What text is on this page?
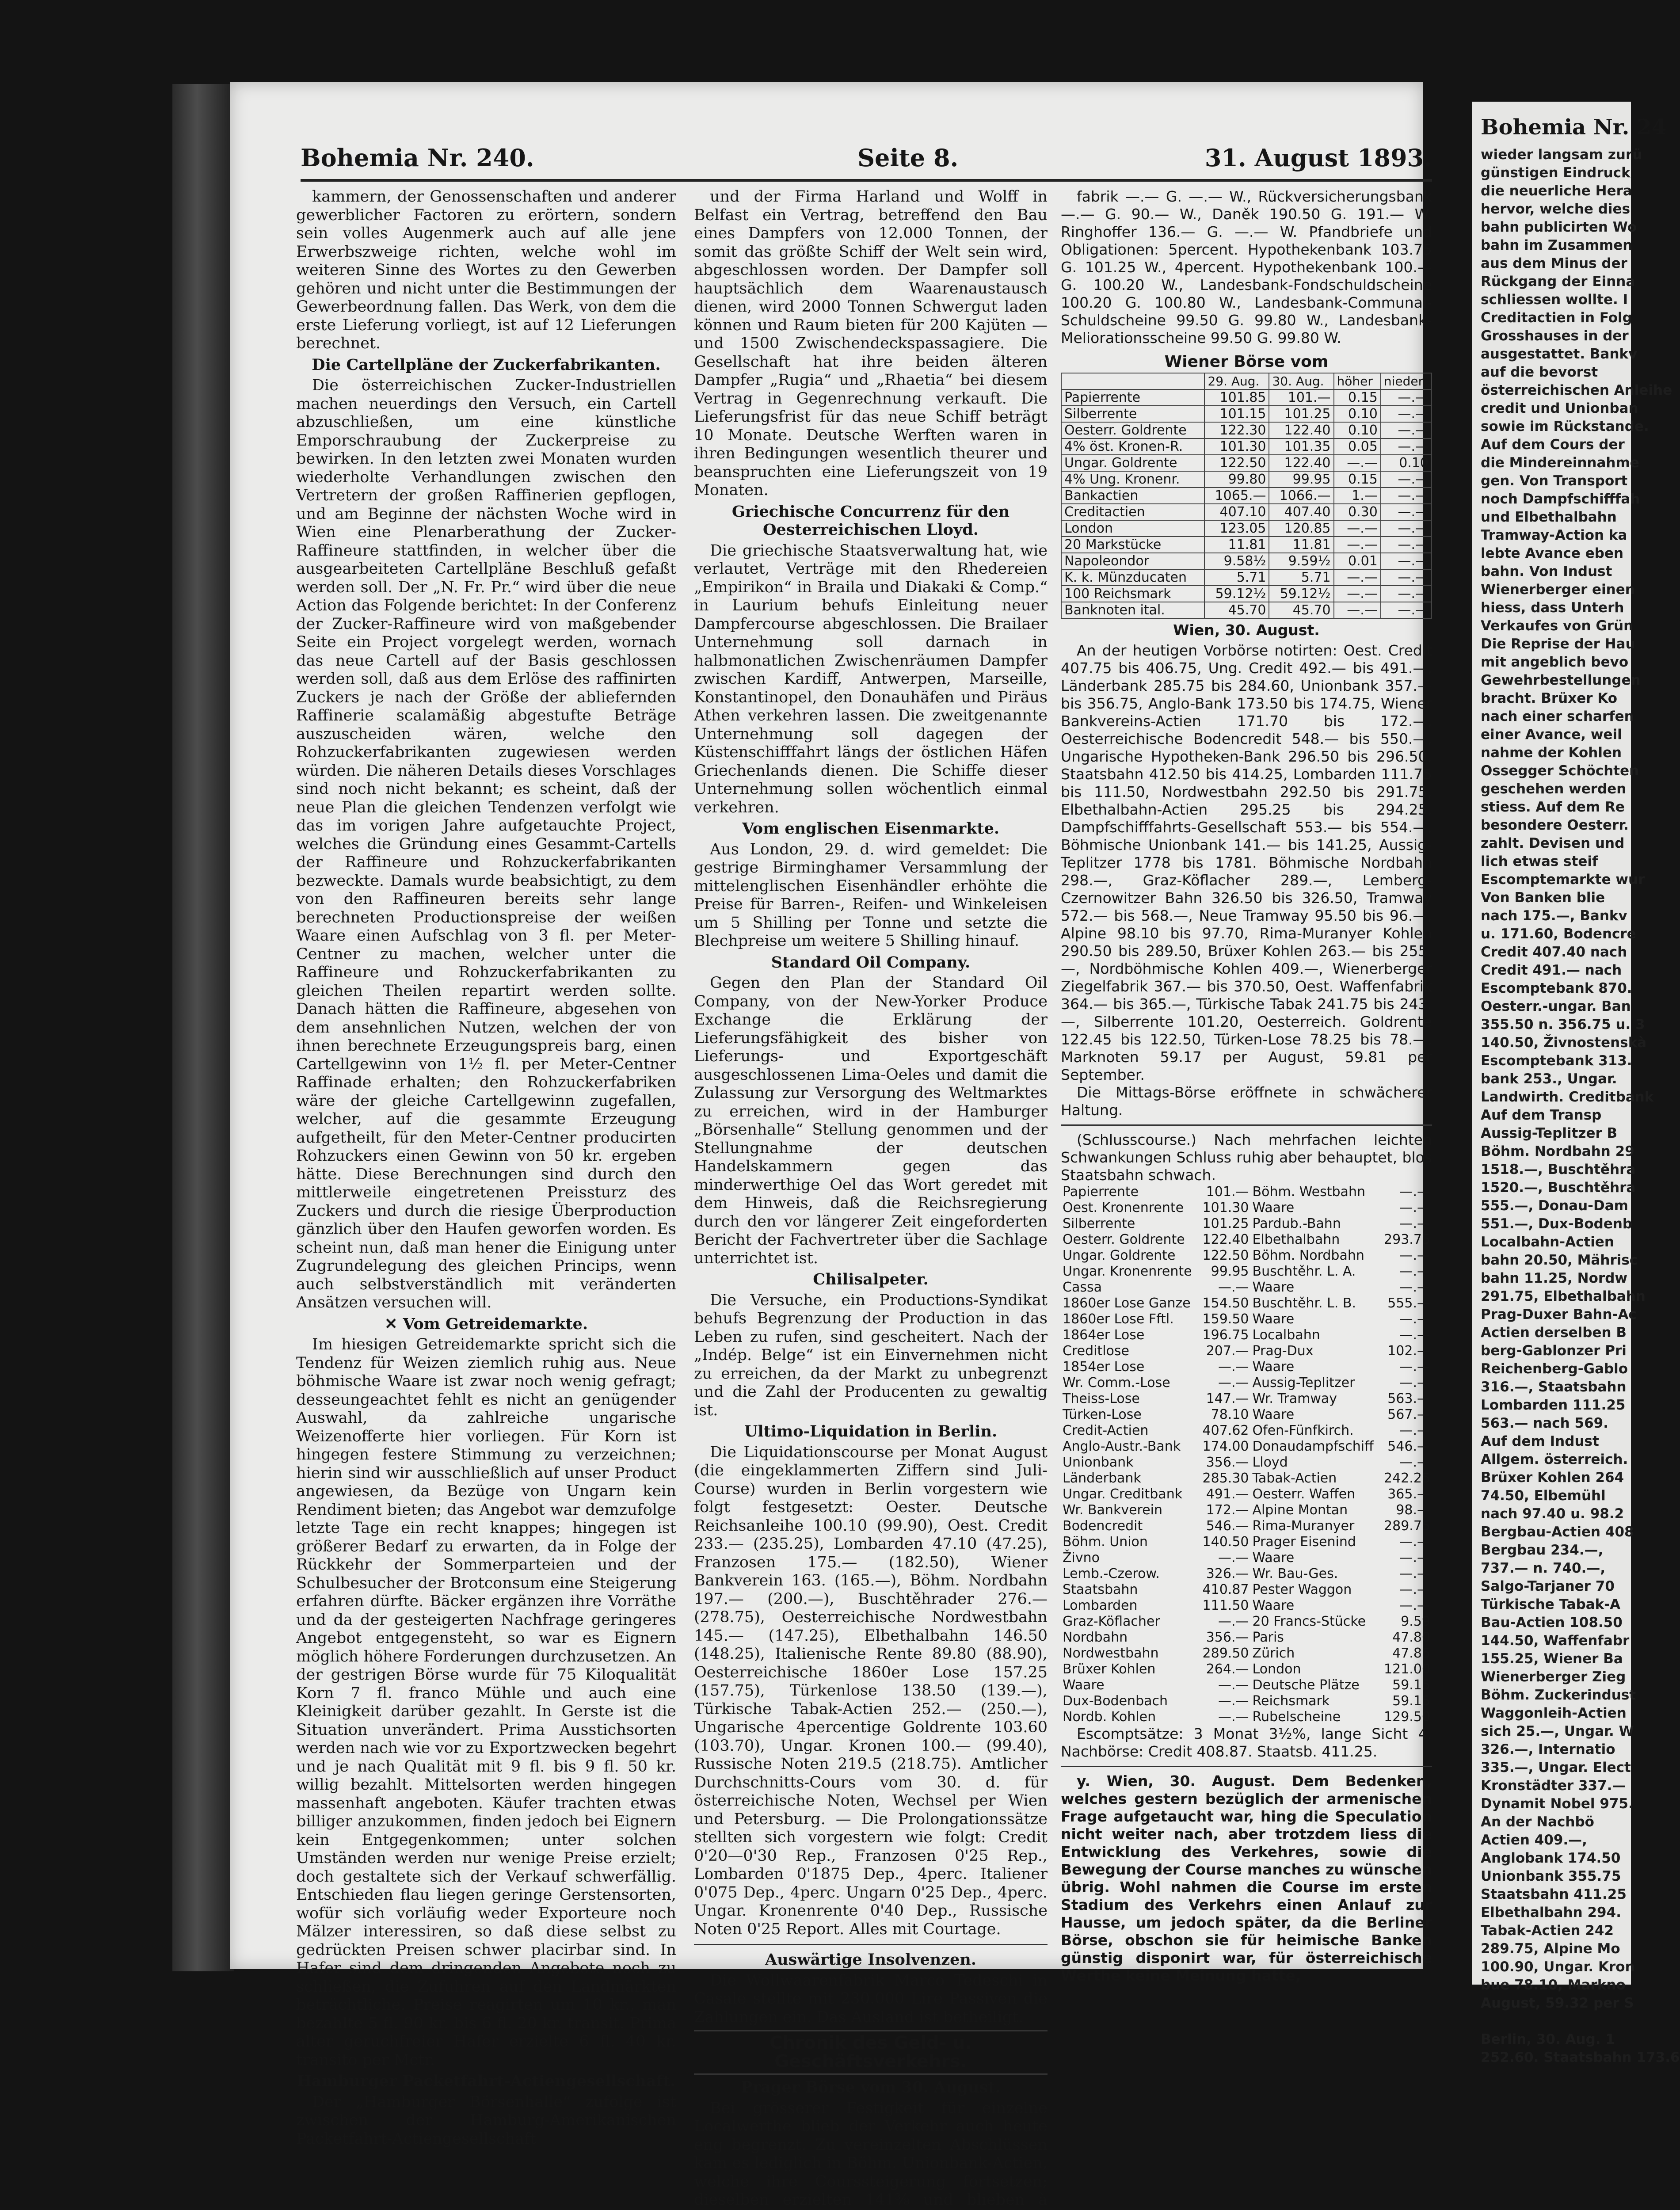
Bohemia Nr. 240.	Seite 8.	31. August 1893.

kammern, der Genossenschaften und anderer gewerblicher Factoren zu erörtern, sondern sein volles Augenmerk auch auf alle jene Erwerbszweige richten, welche wohl im weiteren Sinne des Wortes zu den Gewerben gehören und nicht unter die Bestimmungen der Gewerbeordnung fallen. Das Werk, von dem die erste Lieferung vorliegt, ist auf 12 Lieferungen berechnet.

Die Cartellpläne der Zuckerfabrikanten.

Die österreichischen Zucker-Industriellen machen neuerdings den Versuch, ein Cartell abzuschließen, um eine künstliche Emporschraubung der Zuckerpreise zu bewirken. In den letzten zwei Monaten wurden wiederholte Verhandlungen zwischen den Vertretern der großen Raffinerien gepflogen, und am Beginne der nächsten Woche wird in Wien eine Plenarberathung der Zucker-Raffineure stattfinden, in welcher über die ausgearbeiteten Cartellpläne Beschluß gefaßt werden soll. Der „N. Fr. Pr.“ wird über die neue Action das Folgende berichtet: In der Conferenz der Zucker-Raffineure wird von maßgebender Seite ein Project vorgelegt werden, wornach das neue Cartell auf der Basis geschlossen werden soll, daß aus dem Erlöse des raffinirten Zuckers je nach der Größe der abliefernden Raffinerie scalamäßig abgestufte Beträge auszuscheiden wären, welche den Rohzuckerfabrikanten zugewiesen werden würden. Die näheren Details dieses Vorschlages sind noch nicht bekannt; es scheint, daß der neue Plan die gleichen Tendenzen verfolgt wie das im vorigen Jahre aufgetauchte Project, welches die Gründung eines Gesammt-Cartells der Raffineure und Rohzuckerfabrikanten bezweckte. Damals wurde beabsichtigt, zu dem von den Raffineuren bereits sehr lange berechneten Productionspreise der weißen Waare einen Aufschlag von 3 fl. per Meter-Centner zu machen, welcher unter die Raffineure und Rohzuckerfabrikanten zu gleichen Theilen repartirt werden sollte. Danach hätten die Raffineure, abgesehen von dem ansehnlichen Nutzen, welchen der von ihnen berechnete Erzeugungspreis barg, einen Cartellgewinn von 1½ fl. per Meter-Centner Raffinade erhalten; den Rohzuckerfabriken wäre der gleiche Cartellgewinn zugefallen, welcher, auf die gesammte Erzeugung aufgetheilt, für den Meter-Centner producirten Rohzuckers einen Gewinn von 50 kr. ergeben hätte. Diese Berechnungen sind durch den mittlerweile eingetretenen Preissturz des Zuckers und durch die riesige Überproduction gänzlich über den Haufen geworfen worden. Es scheint nun, daß man hener die Einigung unter Zugrundelegung des gleichen Princips, wenn auch selbstverständlich mit veränderten Ansätzen versuchen will.

✕ Vom Getreidemarkte.

Im hiesigen Getreidemarkte spricht sich die Tendenz für Weizen ziemlich ruhig aus. Neue böhmische Waare ist zwar noch wenig gefragt; desseungeachtet fehlt es nicht an genügender Auswahl, da zahlreiche ungarische Weizenofferte hier vorliegen. Für Korn ist hingegen festere Stimmung zu verzeichnen; hierin sind wir ausschließlich auf unser Product angewiesen, da Bezüge von Ungarn kein Rendiment bieten; das Angebot war demzufolge letzte Tage ein recht knappes; hingegen ist größerer Bedarf zu erwarten, da in Folge der Rückkehr der Sommerparteien und der Schulbesucher der Brotconsum eine Steigerung erfahren dürfte. Bäcker ergänzen ihre Vorräthe und da der gesteigerten Nachfrage geringeres Angebot entgegensteht, so war es Eignern möglich höhere Forderungen durchzusetzen. An der gestrigen Börse wurde für 75 Kiloqualität Korn 7 fl. franco Mühle und auch eine Kleinigkeit darüber gezahlt. In Gerste ist die Situation unverändert. Prima Ausstichsorten werden nach wie vor zu Exportzwecken begehrt und je nach Qualität mit 9 fl. bis 9 fl. 50 kr. willig bezahlt. Mittelsorten werden hingegen massenhaft angeboten. Käufer trachten etwas billiger anzukommen, finden jedoch bei Eignern kein Entgegenkommen; unter solchen Umständen werden nur wenige Preise erzielt; doch gestaltete sich der Verkauf schwerfällig. Entschieden flau liegen geringe Gerstensorten, wofür sich vorläufig weder Exporteure noch Mälzer interessiren, so daß diese selbst zu gedrückten Preisen schwer placirbar sind. In Hafer sind dem dringenden Angebote noch zu schließen, die Zufuhren auf den Landmärkten beträchtliche. Preise reagirten um 10 kr., man bezahlte 5 fl. 90 kr. bis 6 fl. 20 kr. transit. Prima alter geruchfreier Hafer erzielte 6 fl. 40 kr. transito per Mctr.

Hamburger Packetfahrt-Actiengesellschaft.

Der „Hamburger Börsenhalle“ zufolge ist zwischen der Hamburg-Amerikanischen Packetfahrt-Actiengesellschaft

und der Firma Harland und Wolff in Belfast ein Vertrag, betreffend den Bau eines Dampfers von 12.000 Tonnen, der somit das größte Schiff der Welt sein wird, abgeschlossen worden. Der Dampfer soll hauptsächlich dem Waarenaustausch dienen, wird 2000 Tonnen Schwergut laden können und Raum bieten für 200 Kajüten — und 1500 Zwischendeckspassagiere. Die Gesellschaft hat ihre beiden älteren Dampfer „Rugia“ und „Rhaetia“ bei diesem Vertrag in Gegenrechnung verkauft. Die Lieferungsfrist für das neue Schiff beträgt 10 Monate. Deutsche Werften waren in ihren Bedingungen wesentlich theurer und beanspruchten eine Lieferungszeit von 19 Monaten.

Griechische Concurrenz für den Oesterreichischen Lloyd.

Die griechische Staatsverwaltung hat, wie verlautet, Verträge mit den Rhedereien „Empirikon“ in Braila und Diakaki & Comp.“ in Laurium behufs Einleitung neuer Dampfercourse abgeschlossen. Die Brailaer Unternehmung soll darnach in halbmonatlichen Zwischenräumen Dampfer zwischen Kardiff, Antwerpen, Marseille, Konstantinopel, den Donauhäfen und Piräus Athen verkehren lassen. Die zweitgenannte Unternehmung soll dagegen der Küstenschifffahrt längs der östlichen Häfen Griechenlands dienen. Die Schiffe dieser Unternehmung sollen wöchentlich einmal verkehren.

Vom englischen Eisenmarkte.

Aus London, 29. d. wird gemeldet: Die gestrige Birminghamer Versammlung der mittelenglischen Eisenhändler erhöhte die Preise für Barren-, Reifen- und Winkeleisen um 5 Shilling per Tonne und setzte die Blechpreise um weitere 5 Shilling hinauf.

Standard Oil Company.

Gegen den Plan der Standard Oil Company, von der New-Yorker Produce Exchange die Erklärung der Lieferungsfähigkeit des bisher von Lieferungs- und Exportgeschäft ausgeschlossenen Lima-Oeles und damit die Zulassung zur Versorgung des Weltmarktes zu erreichen, wird in der Hamburger „Börsenhalle“ Stellung genommen und der Stellungnahme der deutschen Handelskammern gegen das minderwerthige Oel das Wort geredet mit dem Hinweis, daß die Reichsregierung durch den vor längerer Zeit eingeforderten Bericht der Fachvertreter über die Sachlage unterrichtet ist.

Chilisalpeter.

Die Versuche, ein Productions-Syndikat behufs Begrenzung der Production in das Leben zu rufen, sind gescheitert. Nach der „Indép. Belge“ ist ein Einvernehmen nicht zu erreichen, da der Markt zu unbegrenzt und die Zahl der Producenten zu gewaltig ist.

Ultimo-Liquidation in Berlin.

Die Liquidationscourse per Monat August (die eingeklammerten Ziffern sind Juli-Course) wurden in Berlin vorgestern wie folgt festgesetzt: Oester. Deutsche Reichsanleihe 100.10 (99.90), Oest. Credit 233.— (235.25), Lombarden 47.10 (47.25), Franzosen 175.— (182.50), Wiener Bankverein 163. (165.—), Böhm. Nordbahn 197.— (200.—), Buschtěhrader 276.— (278.75), Oesterreichische Nordwestbahn 145.— (147.25), Elbethalbahn 146.50 (148.25), Italienische Rente 89.80 (88.90), Oesterreichische 1860er Lose 157.25 (157.75), Türkenlose 138.50 (139.—), Türkische Tabak-Actien 252.— (250.—), Ungarische 4percentige Goldrente 103.60 (103.70), Ungar. Kronen 100.— (99.40), Russische Noten 219.5 (218.75). Amtlicher Durchschnitts-Cours vom 30. d. für österreichische Noten, Wechsel per Wien und Petersburg. — Die Prolongationssätze stellten sich vorgestern wie folgt: Credit 0'20—0'30 Rep., Franzosen 0'25 Rep., Lombarden 0'1875 Dep., 4perc. Italiener 0'075 Dep., 4perc. Ungarn 0'25 Dep., 4perc. Ungar. Kronenrente 0'40 Dep., Russische Noten 0'25 Report. Alles mit Courtage.

Auswärtige Insolvenzen.

Die Wollwaarenfabrik Marco Tedeschi in Casale stellte mit 230.000 Lire Passiven die Zahlungen ein. Das Ausland ist betheiligt.

Chronik des Geld- u. Geschäftsverkehrs.

Prager Börse vom 30. August.

Bei grösserer Festigkeit für einzelne Localwerthe blieb der Verkehr auch heute eng begrenzt. Zu vereinzelten Abschlüssen kam es lediglich in Böhm. Unionbank-Actien, welche ihre Courssteigerung fortsetzen; dieselben erzielten 141⅜ und blieben à

fabrik —.— G. —.— W., Rückversicherungsbank —.— G. 90.— W., Daněk 190.50 G. 191.— W. Ringhoffer 136.— G. —.— W. Pfandbriefe und Obligationen: 5percent. Hypothekenbank 103.75 G. 101.25 W., 4percent. Hypothekenbank 100.— G. 100.20 W., Landesbank-Fondschuldscheine 100.20 G. 100.80 W., Landesbank-Communal-Schuldscheine 99.50 G. 99.80 W., Landesbank-Meliorationsscheine 99.50 G. 99.80 W.

Wiener Börse vom
	29. Aug.	30. Aug.	höher	nieder
Papierrente	101.85	101.—	0.15	—.—
Silberrente	101.15	101.25	0.10	—.—
Oesterr. Goldrente	122.30	122.40	0.10	—.—
4% öst. Kronen-R.	101.30	101.35	0.05	—.—
Ungar. Goldrente	122.50	122.40	—.—	0.10
4% Ung. Kronenr.	99.80	99.95	0.15	—.—
Bankactien	1065.—	1066.—	1.—	—.—
Creditactien	407.10	407.40	0.30	—.—
London	123.05	120.85	—.—	—.—
20 Markstücke	11.81	11.81	—.—	—.—
Napoleondor	9.58½	9.59½	0.01	—.—
K. k. Münzducaten	5.71	5.71	—.—	—.—
100 Reichsmark	59.12½	59.12½	—.—	—.—
Banknoten ital.	45.70	45.70	—.—	—.—

Wien, 30. August.

An der heutigen Vorbörse notirten: Oest. Credit 407.75 bis 406.75, Ung. Credit 492.— bis 491.—, Länderbank 285.75 bis 284.60, Unionbank 357.— bis 356.75, Anglo-Bank 173.50 bis 174.75, Wiener Bankvereins-Actien 171.70 bis 172.—, Oesterreichische Bodencredit 548.— bis 550.—, Ungarische Hypotheken-Bank 296.50 bis 296.50, Staatsbahn 412.50 bis 414.25, Lombarden 111.75 bis 111.50, Nordwestbahn 292.50 bis 291.75, Elbethalbahn-Actien 295.25 bis 294.25, Dampfschifffahrts-Gesellschaft 553.— bis 554.—, Böhmische Unionbank 141.— bis 141.25, Aussig-Teplitzer 1778 bis 1781. Böhmische Nordbahn 298.—, Graz-Köflacher 289.—, Lemberg-Czernowitzer Bahn 326.50 bis 326.50, Tramway 572.— bis 568.—, Neue Tramway 95.50 bis 96.—, Alpine 98.10 bis 97.70, Rima-Muranyer Kohlen 290.50 bis 289.50, Brüxer Kohlen 263.— bis 255.—, Nordböhmische Kohlen 409.—, Wienerberger Ziegelfabrik 367.— bis 370.50, Oest. Waffenfabrik 364.— bis 365.—, Türkische Tabak 241.75 bis 243.—, Silberrente 101.20, Oesterreich. Goldrente 122.45 bis 122.50, Türken-Lose 78.25 bis 78.—, Marknoten 59.17 per August, 59.81 per September.

Die Mittags-Börse eröffnete in schwächerer Haltung.

(Schlusscourse.) Nach mehrfachen leichten Schwankungen Schluss ruhig aber behauptet, blos Staatsbahn schwach.

Papierrente	101.—	Böhm. Westbahn	—.—
Oest. Kronenrente	101.30	Waare	—.—
Silberrente	101.25	Pardub.-Bahn	—.—
Oesterr. Goldrente	122.40	Elbethalbahn	293.75
Ungar. Goldrente	122.50	Böhm. Nordbahn	—.—
Ungar. Kronenrente	99.95	Buschtěhr. L. A.	—.—
Cassa	—.—	Waare	—.—
1860er Lose Ganze	154.50	Buschtěhr. L. B.	555.—
1860er Lose Fftl.	159.50	Waare	—.—
1864er Lose	196.75	Localbahn	—.—
Creditlose	207.—	Prag-Dux	102.—
1854er Lose	—.—	Waare	—.—
Wr. Comm.-Lose	—.—	Aussig-Teplitzer	—.—
Theiss-Lose	147.—	Wr. Tramway	563.—
Türken-Lose	78.10	Waare	567.—
Credit-Actien	407.62	Ofen-Fünfkirch.	—.—
Anglo-Austr.-Bank	174.00	Donaudampfschiff	546.—
Unionbank	356.—	Lloyd	—.—
Länderbank	285.30	Tabak-Actien	242.25
Ungar. Creditbank	491.—	Oesterr. Waffen	365.—
Wr. Bankverein	172.—	Alpine Montan	98.—
Bodencredit	546.—	Rima-Muranyer	289.75
Böhm. Union	140.50	Prager Eisenind	—.—
Živno	—.—	Waare	—.—
Lemb.-Czerow.	326.—	Wr. Bau-Ges.	—.—
Staatsbahn	410.87	Pester Waggon	—.—
Lombarden	111.50	Waare	—.—
Graz-Köflacher	—.—	20 Francs-Stücke	9.59
Nordbahn	356.—	Paris	47.80
Nordwestbahn	289.50	Zürich	47.85
Brüxer Kohlen	264.—	London	121.00
Waare	—.—	Deutsche Plätze	59.15
Dux-Bodenbach	—.—	Reichsmark	59.15
Nordb. Kohlen	—.—	Rubelscheine	129.50

Escomptsätze: 3 Monat 3½%, lange Sicht 4. Nachbörse: Credit 408.87. Staatsb. 411.25.

y. Wien, 30. August. Dem Bedenken, welches gestern bezüglich der armenischen Frage aufgetaucht war, hing die Speculation nicht weiter nach, aber trotzdem liess die Entwicklung des Verkehres, sowie die Bewegung der Course manches zu wünschen übrig. Wohl nahmen die Course im ersten Stadium des Verkehrs einen Anlauf zur Hausse, um jedoch später, da die Berliner Börse, obschon sie für heimische Banken günstig disponirt war, für österreichische Werthe keine Meinung hatte,

Bohemia Nr. 24
wieder langsam zurü
günstigen Eindruck
die neuerliche Hera
hervor, welche dies
bahn publicirten Wo
bahn im Zusammen
aus dem Minus der
Rückgang der Einna
schliessen wollte. I
Creditactien in Folg
Grosshauses in der
ausgestattet. Bankv
auf die bevorst
österreichischen Anleihe
credit und Unionban
sowie im Rückstande.
Auf dem Cours der
die Mindereinnahme
gen. Von Transport
noch Dampfschifffah
und Elbethalbahn
Tramway-Action ka
lebte Avance eben
bahn. Von Indust
Wienerberger einen
hiess, dass Unterh
Verkaufes von Grün
Die Reprise der Hau
mit angeblich bevo
Gewehrbestellungen
bracht. Brüxer Ko
nach einer scharfen
einer Avance, weil
nahme der Kohlen
Ossegger Schöchten
geschehen werden
stiess. Auf dem Re
besondere Oesterr.
zahlt. Devisen und
lich etwas steif
Escomptemarkte wur
Von Banken blie
nach 175.—, Bankv
u. 171.60, Bodencre
Credit 407.40 nach
Credit 491.— nach
Escomptebank 870.
Oesterr.-ungar. Ban
355.50 n. 356.75 u. 3
140.50, Živnostenskà
Escomptebank 313.
bank 253., Ungar.
Landwirth. Creditbank
Auf dem Transp
Aussig-Teplitzer B
Böhm. Nordbahn 29
1518.—, Buschtěhra
1520.—, Buschtěhra
555.—, Donau-Dam
551.—, Dux-Bodenb
Localbahn-Actien
bahn 20.50, Mährisc
bahn 11.25, Nordw
291.75, Elbethalbahn
Prag-Duxer Bahn-Ac
Actien derselben B
berg-Gablonzer Pri
Reichenberg-Gablo
316.—, Staatsbahn
Lombarden 111.25
563.— nach 569.
Auf dem Indust
Allgem. österreich.
Brüxer Kohlen 264
74.50, Elbemühl
nach 97.40 u. 98.2
Bergbau-Actien 408
Bergbau 234.—,
737.— n. 740.—,
Salgo-Tarjaner 70
Türkische Tabak-A
Bau-Actien 108.50
144.50, Waffenfabr
155.25, Wiener Ba
Wienerberger Zieg
Böhm. Zuckerindust
Waggonleih-Actien
sich 25.—, Ungar. W
326.—, Internatio
335.—, Ungar. Elect
Kronstädter 337.—
Dynamit Nobel 975.
An der Nachbö
Actien 409.—,
Anglobank 174.50
Unionbank 355.75
Staatsbahn 411.25
Elbethalbahn 294.
Tabak-Actien 242
289.75, Alpine Mo
100.90, Ungar. Kron
bue 78.10, Markno
August, 59.32 per S
Berlin, 30. Aug. 1
252.60. Staatsbahn 173.6
